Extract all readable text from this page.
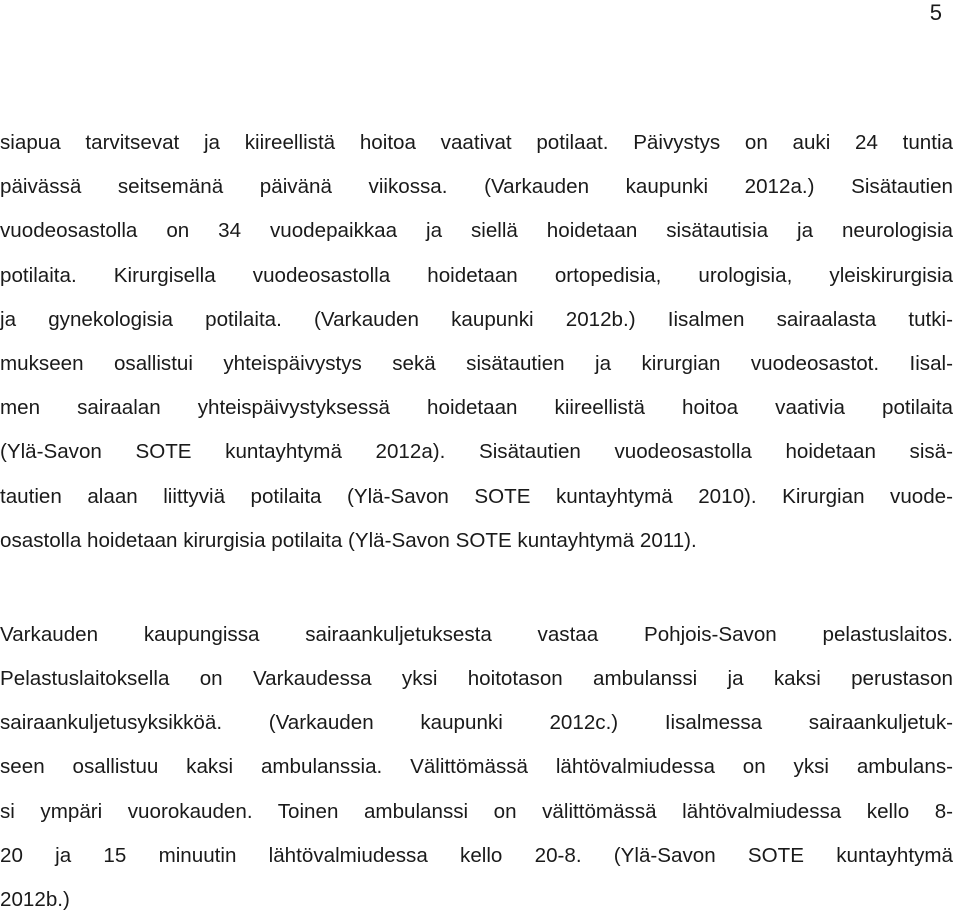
5
siapua tarvitsevat ja kiireellistä hoitoa vaativat potilaat. Päivystys on auki 24 tuntia
päivässä seitsemänä päivänä viikossa. (Varkauden kaupunki 2012a.) Sisätautien
vuodeosastolla on 34 vuodepaikkaa ja siellä hoidetaan sisätautisia ja neurologisia
potilaita. Kirurgisella vuodeosastolla hoidetaan ortopedisia, urologisia, yleiskirurgisia
ja gynekologisia potilaita. (Varkauden kaupunki 2012b.) Iisalmen sairaalasta tutki-
mukseen osallistui yhteispäivystys sekä sisätautien ja kirurgian vuodeosastot. Iisal-
men sairaalan yhteispäivystyksessä hoidetaan kiireellistä hoitoa vaativia potilaita
(Ylä-Savon SOTE kuntayhtymä 2012a). Sisätautien vuodeosastolla hoidetaan sisä-
tautien alaan liittyviä potilaita (Ylä-Savon SOTE kuntayhtymä 2010). Kirurgian vuode-
osastolla hoidetaan kirurgisia potilaita (Ylä-Savon SOTE kuntayhtymä 2011).
Varkauden kaupungissa sairaankuljetuksesta vastaa Pohjois-Savon pelastuslaitos.
Pelastuslaitoksella on Varkaudessa yksi hoitotason ambulanssi ja kaksi perustason
sairaankuljetusyksikköä. (Varkauden kaupunki 2012c.) Iisalmessa sairaankuljetuk-
seen osallistuu kaksi ambulanssia. Välittömässä lähtövalmiudessa on yksi ambulans-
si ympäri vuorokauden. Toinen ambulanssi on välittömässä lähtövalmiudessa kello 8-
20 ja 15 minuutin lähtövalmiudessa kello 20-8. (Ylä-Savon SOTE kuntayhtymä
2012b.)
